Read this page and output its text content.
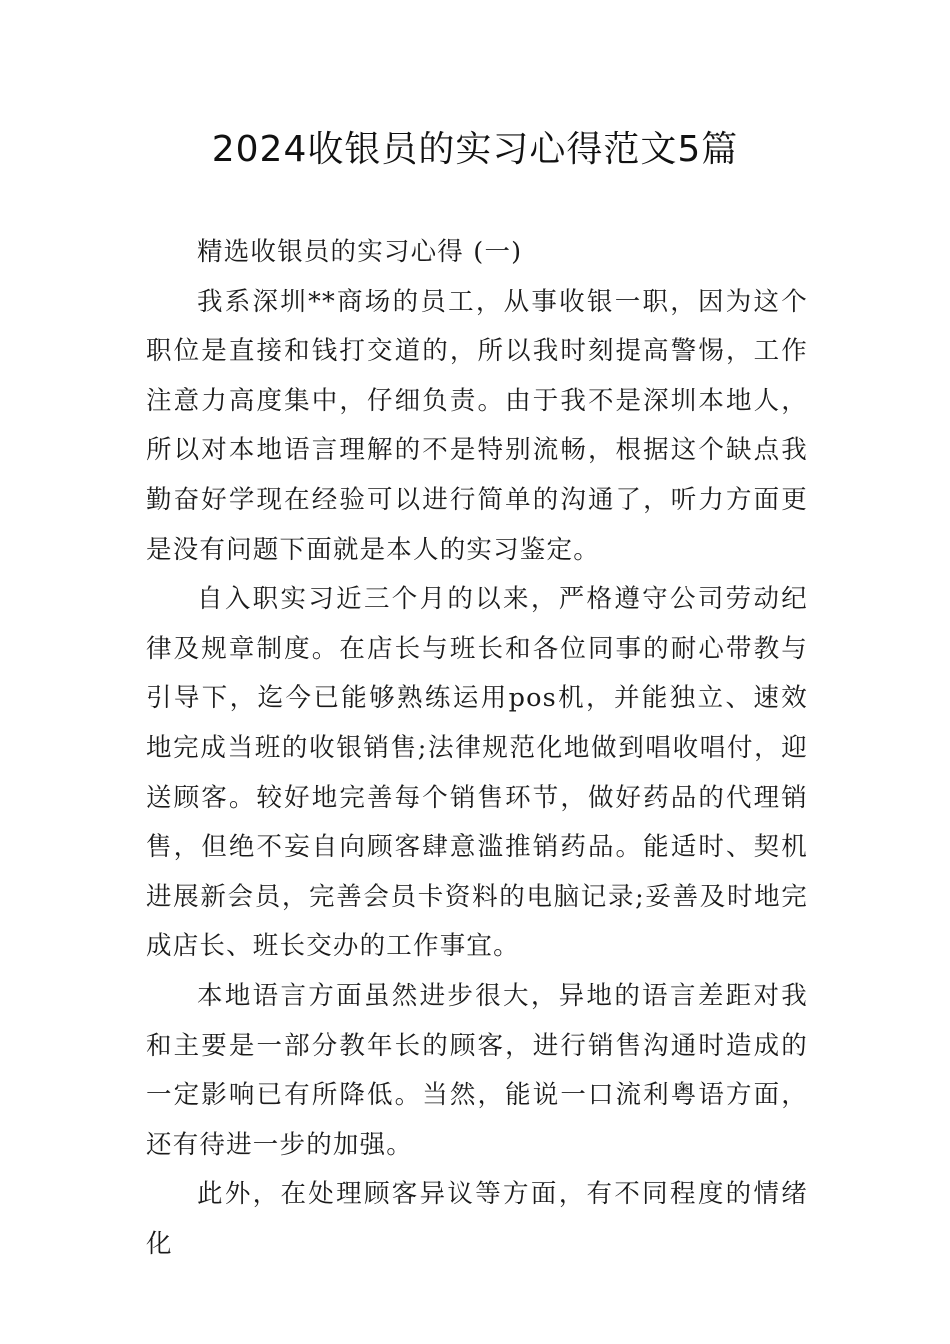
2024收银员的实习心得范文5篇

精选收银员的实习心得 (一)

我系深圳**商场的员工，从事收银一职，因为这个职位是直接和钱打交道的，所以我时刻提高警惕，工作注意力高度集中，仔细负责。由于我不是深圳本地人，所以对本地语言理解的不是特别流畅，根据这个缺点我勤奋好学现在经验可以进行简单的沟通了，听力方面更是没有问题下面就是本人的实习鉴定。

自入职实习近三个月的以来，严格遵守公司劳动纪律及规章制度。在店长与班长和各位同事的耐心带教与引导下，迄今已能够熟练运用pos机，并能独立、速效地完成当班的收银销售;法律规范化地做到唱收唱付，迎送顾客。较好地完善每个销售环节，做好药品的代理销售，但绝不妄自向顾客肆意滥推销药品。能适时、契机进展新会员，完善会员卡资料的电脑记录;妥善及时地完成店长、班长交办的工作事宜。

本地语言方面虽然进步很大，异地的语言差距对我和主要是一部分教年长的顾客，进行销售沟通时造成的一定影响已有所降低。当然，能说一口流利粤语方面，还有待进一步的加强。

此外，在处理顾客异议等方面，有不同程度的情绪化
